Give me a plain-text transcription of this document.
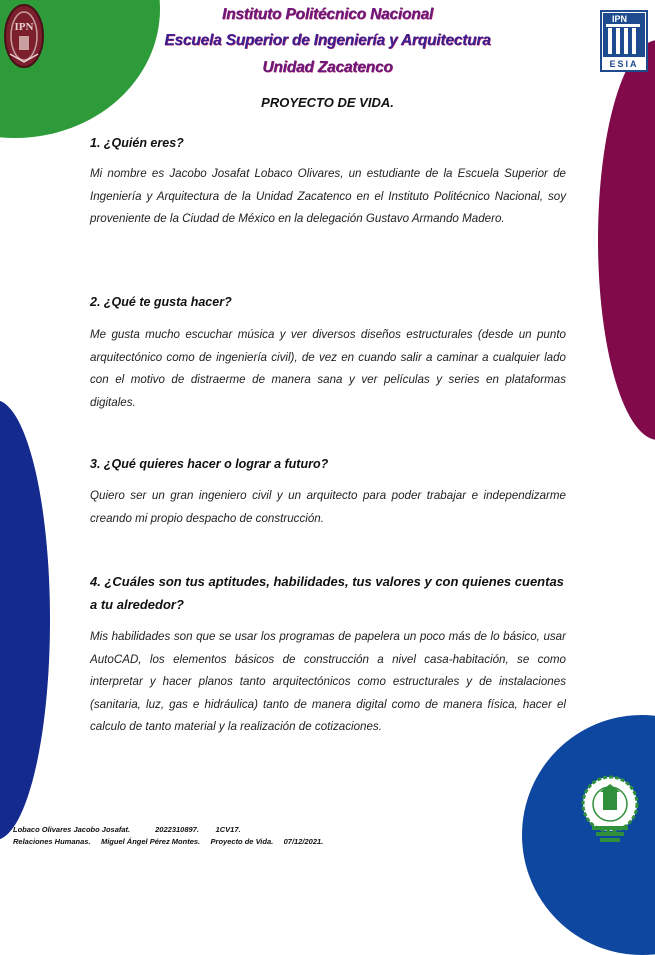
IPN
IPN
ESIA
Instituto Politécnico Nacional
Escuela Superior de Ingeniería y Arquitectura
Unidad Zacatenco
PROYECTO DE VIDA.
1. ¿Quién eres?
Mi nombre es Jacobo Josafat Lobaco Olivares, un estudiante de la Escuela Superior de Ingeniería y Arquitectura de la Unidad Zacatenco en el Instituto Politécnico Nacional, soy proveniente de la Ciudad de México en la delegación Gustavo Armando Madero.
2. ¿Qué te gusta hacer?
Me gusta mucho escuchar música y ver diversos diseños estructurales (desde un punto arquitectónico como de ingeniería civil), de vez en cuando salir a caminar a cualquier lado con el motivo de distraerme de manera sana y ver películas y series en plataformas digitales.
3. ¿Qué quieres hacer o lograr a futuro?
Quiero ser un gran ingeniero civil y un arquitecto para poder trabajar e independizarme creando mi propio despacho de construcción.
4. ¿Cuáles son tus aptitudes, habilidades, tus valores y con quienes cuentas a tu alrededor?
Mis habilidades son que se usar los programas de papelera un poco más de lo básico, usar AutoCAD, los elementos básicos de construcción a nivel casa-habitación, se como interpretar y hacer planos tanto arquitectónicos como estructurales y de instalaciones (sanitaria, luz, gas e hidráulica) tanto de manera digital como de manera física, hacer el calculo de tanto material y la realización de cotizaciones.
Lobaco Olivares Jacobo Josafat.            2022310897.        1CV17.
Relaciones Humanas.     Miguel Ángel Pérez Montes.     Proyecto de Vida.     07/12/2021.
